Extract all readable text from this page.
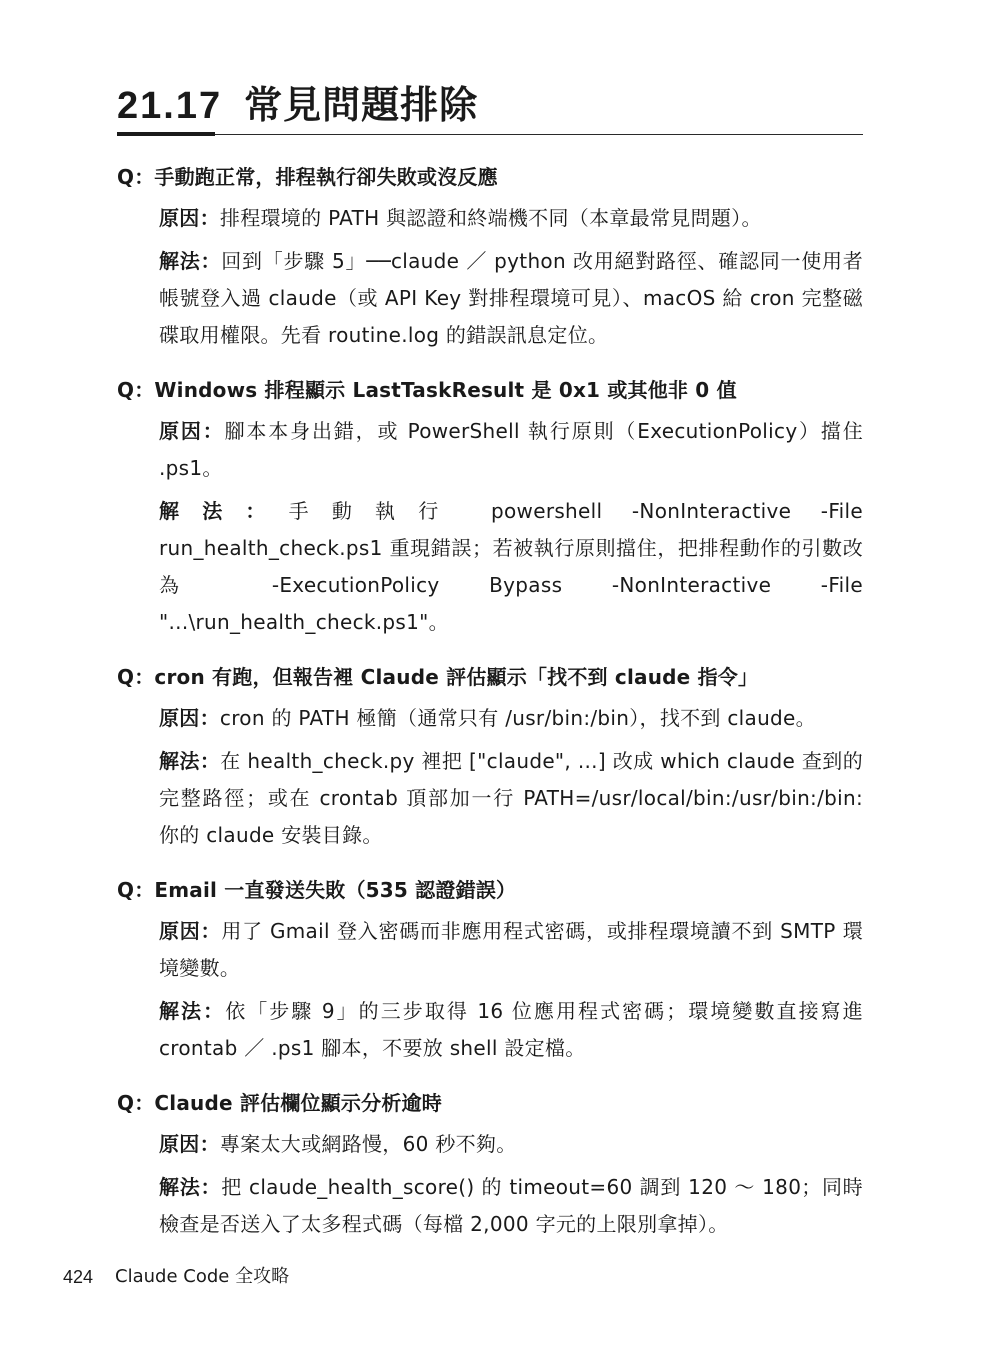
21.17 常見問題排除

Q：手動跑正常，排程執行卻失敗或沒反應

原因：排程環境的 PATH 與認證和終端機不同（本章最常見問題）。

解法：回到「步驟 5」──claude ／ python 改用絕對路徑、確認同一使用者帳號登入過 claude（或 API Key 對排程環境可見）、macOS 給 cron 完整磁碟取用權限。先看 routine.log 的錯誤訊息定位。

Q：Windows 排程顯示 LastTaskResult 是 0x1 或其他非 0 值

原因：腳本本身出錯，或 PowerShell 執行原則（ExecutionPolicy）擋住 .ps1。

解法：手動執行 powershell -NonInteractive -File run_health_check.ps1 重現錯誤；若被執行原則擋住，把排程動作的引數改為 -ExecutionPolicy Bypass -NonInteractive -File "...\run_health_check.ps1"。

Q：cron 有跑，但報告裡 Claude 評估顯示「找不到 claude 指令」

原因：cron 的 PATH 極簡（通常只有 /usr/bin:/bin），找不到 claude。

解法：在 health_check.py 裡把 ["claude", ...] 改成 which claude 查到的完整路徑；或在 crontab 頂部加一行 PATH=/usr/local/bin:/usr/bin:/bin: 你的 claude 安裝目錄。

Q：Email 一直發送失敗（535 認證錯誤）

原因：用了 Gmail 登入密碼而非應用程式密碼，或排程環境讀不到 SMTP 環境變數。

解法：依「步驟 9」的三步取得 16 位應用程式密碼；環境變數直接寫進 crontab ／ .ps1 腳本，不要放 shell 設定檔。

Q：Claude 評估欄位顯示分析逾時

原因：專案太大或網路慢，60 秒不夠。

解法：把 claude_health_score() 的 timeout=60 調到 120 ～ 180；同時檢查是否送入了太多程式碼（每檔 2,000 字元的上限別拿掉）。

424 Claude Code 全攻略
